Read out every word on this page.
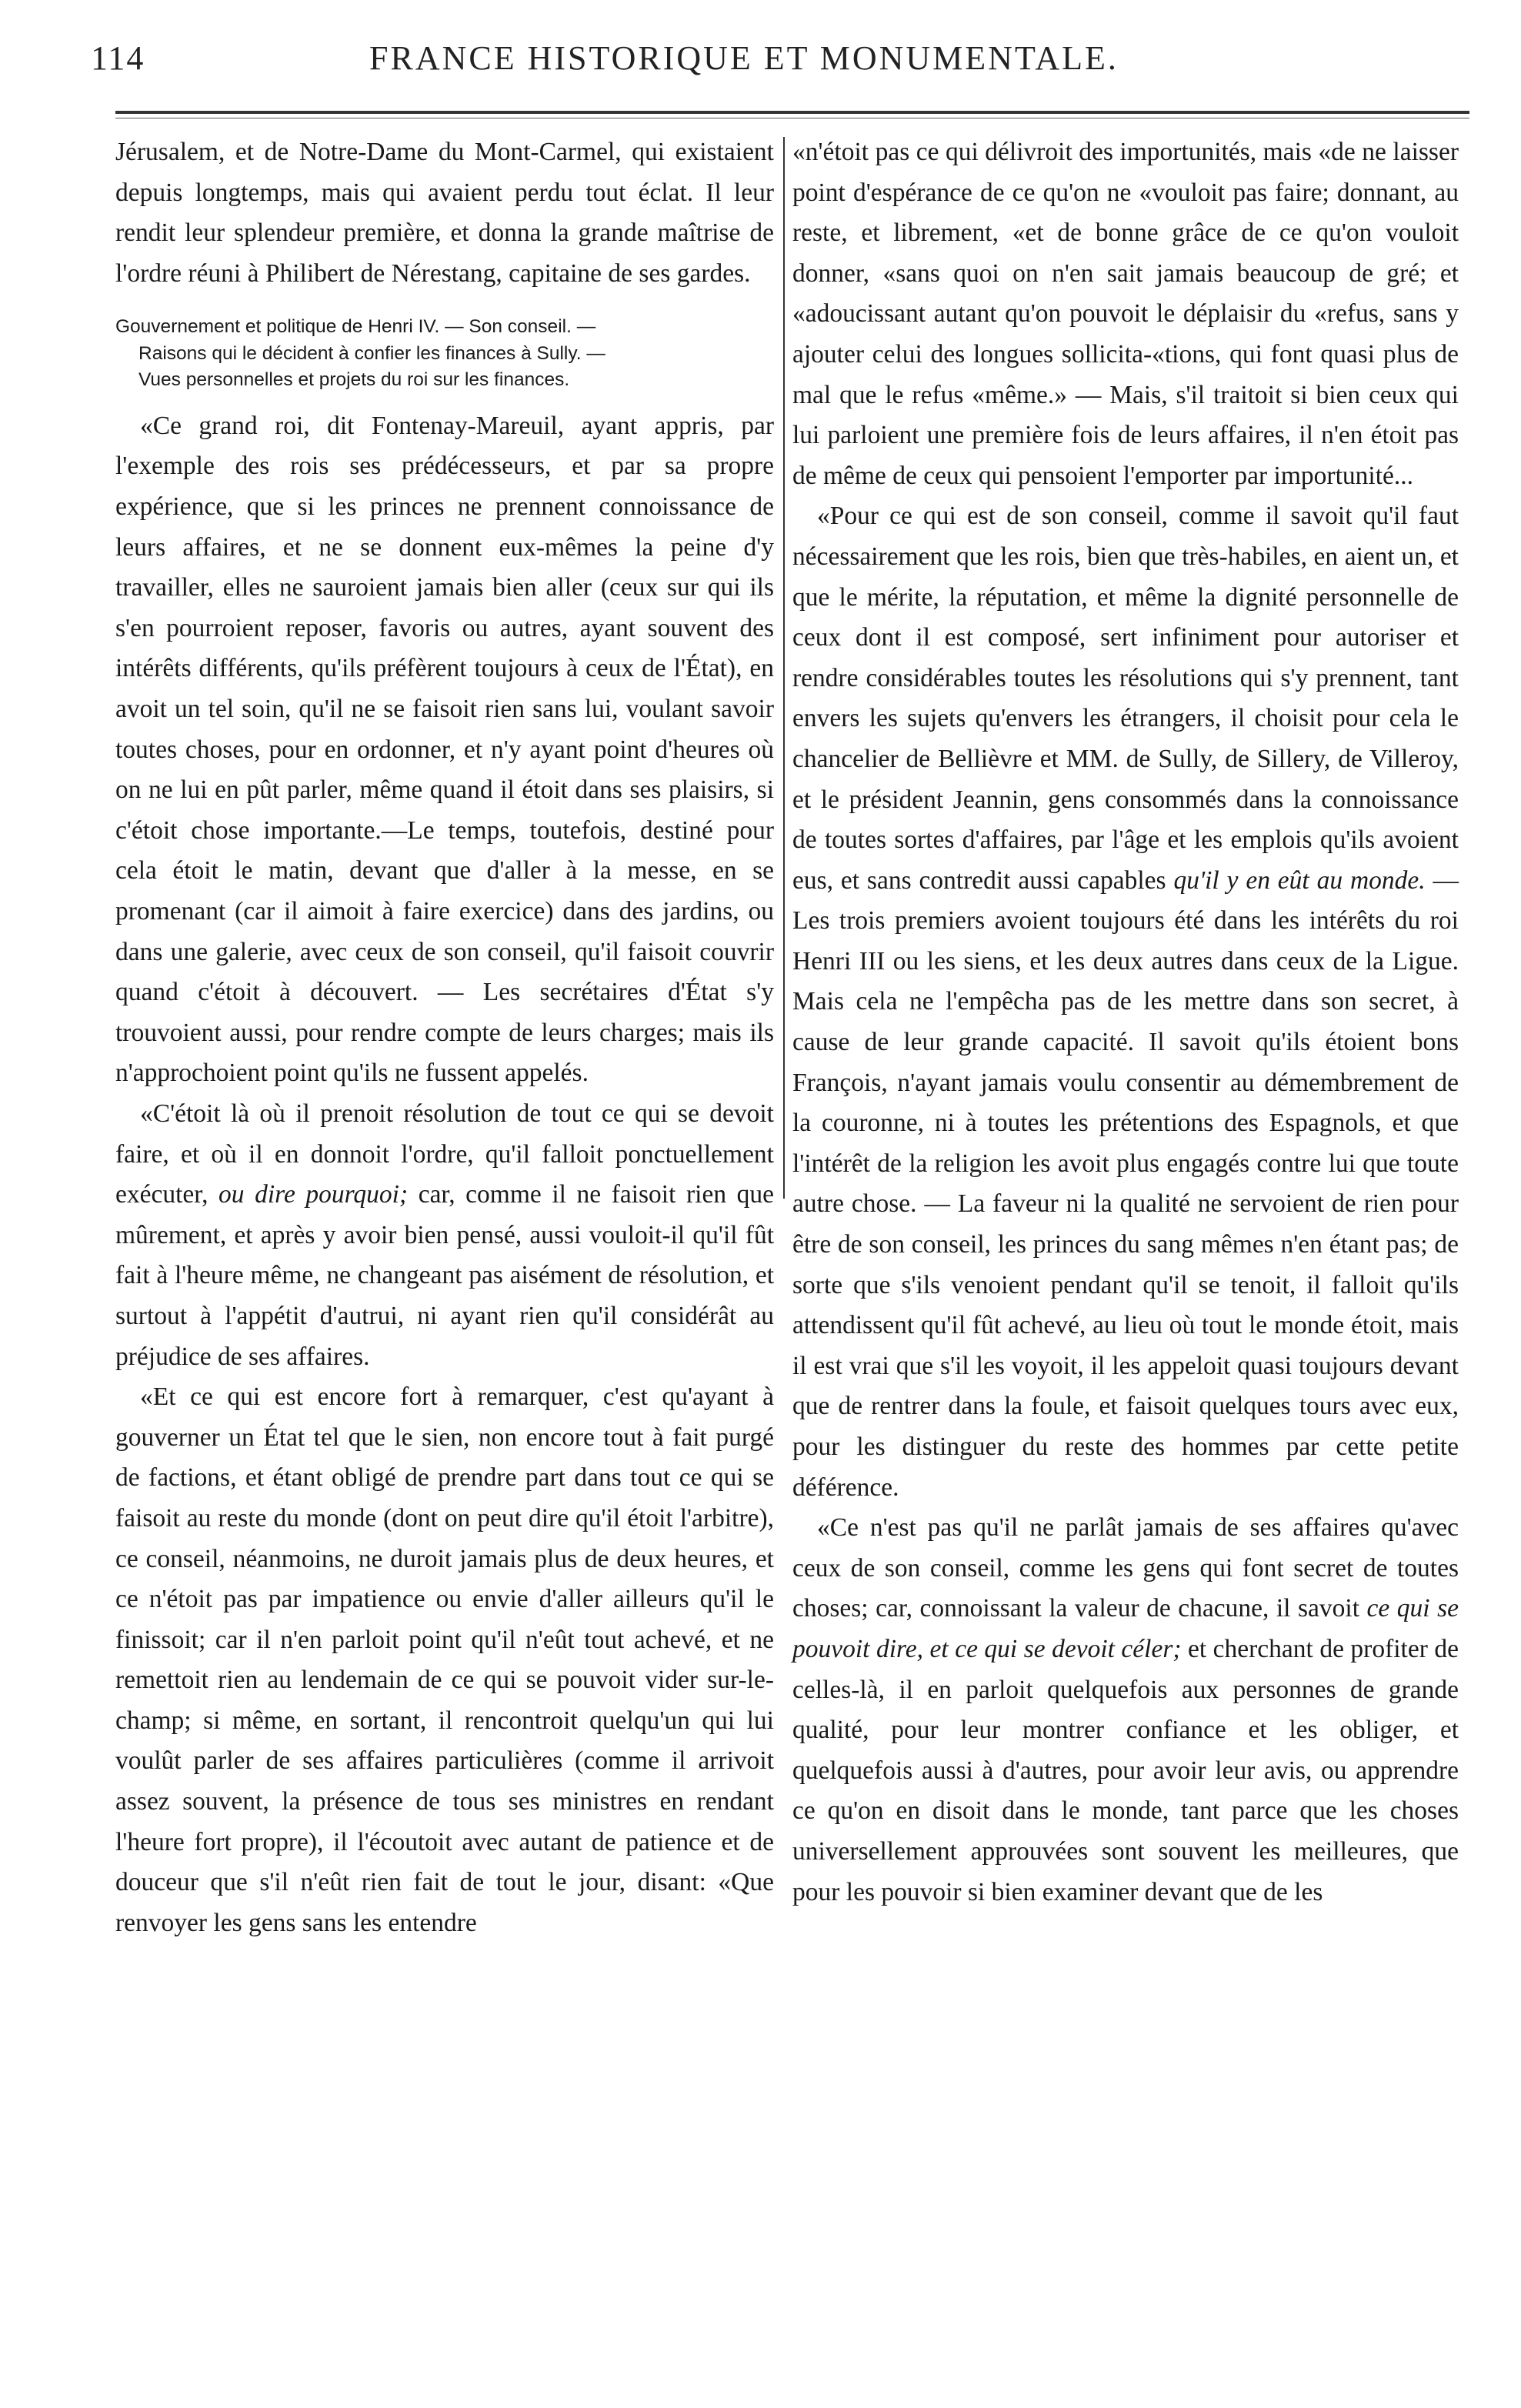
114	FRANCE HISTORIQUE ET MONUMENTALE.

Jérusalem, et de Notre-Dame du Mont-Carmel, qui existaient depuis longtemps, mais qui avaient perdu tout éclat. Il leur rendit leur splendeur première, et donna la grande maîtrise de l'ordre réuni à Philibert de Nérestang, capitaine de ses gardes.

Gouvernement et politique de Henri IV. — Son conseil. —
Raisons qui le décident à confier les finances à Sully. —
Vues personnelles et projets du roi sur les finances.

«Ce grand roi, dit Fontenay-Mareuil, ayant appris, par l'exemple des rois ses prédécesseurs, et par sa propre expérience, que si les princes ne prennent connoissance de leurs affaires, et ne se donnent eux-mêmes la peine d'y travailler, elles ne sauroient jamais bien aller (ceux sur qui ils s'en pourroient reposer, favoris ou autres, ayant souvent des intérêts différents, qu'ils préfèrent toujours à ceux de l'État), en avoit un tel soin, qu'il ne se faisoit rien sans lui, voulant savoir toutes choses, pour en ordonner, et n'y ayant point d'heures où on ne lui en pût parler, même quand il étoit dans ses plaisirs, si c'étoit chose importante.—Le temps, toutefois, destiné pour cela étoit le matin, devant que d'aller à la messe, en se promenant (car il aimoit à faire exercice) dans des jardins, ou dans une galerie, avec ceux de son conseil, qu'il faisoit couvrir quand c'étoit à découvert. — Les secrétaires d'État s'y trouvoient aussi, pour rendre compte de leurs charges; mais ils n'approchoient point qu'ils ne fussent appelés.

«C'étoit là où il prenoit résolution de tout ce qui se devoit faire, et où il en donnoit l'ordre, qu'il falloit ponctuellement exécuter, ou dire pourquoi; car, comme il ne faisoit rien que mûrement, et après y avoir bien pensé, aussi vouloit-il qu'il fût fait à l'heure même, ne changeant pas aisément de résolution, et surtout à l'appétit d'autrui, ni ayant rien qu'il considérât au préjudice de ses affaires.

«Et ce qui est encore fort à remarquer, c'est qu'ayant à gouverner un État tel que le sien, non encore tout à fait purgé de factions, et étant obligé de prendre part dans tout ce qui se faisoit au reste du monde (dont on peut dire qu'il étoit l'arbitre), ce conseil, néanmoins, ne duroit jamais plus de deux heures, et ce n'étoit pas par impatience ou envie d'aller ailleurs qu'il le finissoit; car il n'en parloit point qu'il n'eût tout achevé, et ne remettoit rien au lendemain de ce qui se pouvoit vider sur-le-champ; si même, en sortant, il rencontroit quelqu'un qui lui voulût parler de ses affaires particulières (comme il arrivoit assez souvent, la présence de tous ses ministres en rendant l'heure fort propre), il l'écoutoit avec autant de patience et de douceur que s'il n'eût rien fait de tout le jour, disant: «Que renvoyer les gens sans les entendre

«n'étoit pas ce qui délivroit des importunités, mais «de ne laisser point d'espérance de ce qu'on ne «vouloit pas faire; donnant, au reste, et librement, «et de bonne grâce de ce qu'on vouloit donner, «sans quoi on n'en sait jamais beaucoup de gré; et «adoucissant autant qu'on pouvoit le déplaisir du «refus, sans y ajouter celui des longues sollicita-«tions, qui font quasi plus de mal que le refus «même.» — Mais, s'il traitoit si bien ceux qui lui parloient une première fois de leurs affaires, il n'en étoit pas de même de ceux qui pensoient l'emporter par importunité...

«Pour ce qui est de son conseil, comme il savoit qu'il faut nécessairement que les rois, bien que très-habiles, en aient un, et que le mérite, la réputation, et même la dignité personnelle de ceux dont il est composé, sert infiniment pour autoriser et rendre considérables toutes les résolutions qui s'y prennent, tant envers les sujets qu'envers les étrangers, il choisit pour cela le chancelier de Bellièvre et MM. de Sully, de Sillery, de Villeroy, et le président Jeannin, gens consommés dans la connoissance de toutes sortes d'affaires, par l'âge et les emplois qu'ils avoient eus, et sans contredit aussi capables qu'il y en eût au monde. — Les trois premiers avoient toujours été dans les intérêts du roi Henri III ou les siens, et les deux autres dans ceux de la Ligue. Mais cela ne l'empêcha pas de les mettre dans son secret, à cause de leur grande capacité. Il savoit qu'ils étoient bons François, n'ayant jamais voulu consentir au démembrement de la couronne, ni à toutes les prétentions des Espagnols, et que l'intérêt de la religion les avoit plus engagés contre lui que toute autre chose. — La faveur ni la qualité ne servoient de rien pour être de son conseil, les princes du sang mêmes n'en étant pas; de sorte que s'ils venoient pendant qu'il se tenoit, il falloit qu'ils attendissent qu'il fût achevé, au lieu où tout le monde étoit, mais il est vrai que s'il les voyoit, il les appeloit quasi toujours devant que de rentrer dans la foule, et faisoit quelques tours avec eux, pour les distinguer du reste des hommes par cette petite déférence.

«Ce n'est pas qu'il ne parlât jamais de ses affaires qu'avec ceux de son conseil, comme les gens qui font secret de toutes choses; car, connoissant la valeur de chacune, il savoit ce qui se pouvoit dire, et ce qui se devoit céler; et cherchant de profiter de celles-là, il en parloit quelquefois aux personnes de grande qualité, pour leur montrer confiance et les obliger, et quelquefois aussi à d'autres, pour avoir leur avis, ou apprendre ce qu'on en disoit dans le monde, tant parce que les choses universellement approuvées sont souvent les meilleures, que pour les pouvoir si bien examiner devant que de les
